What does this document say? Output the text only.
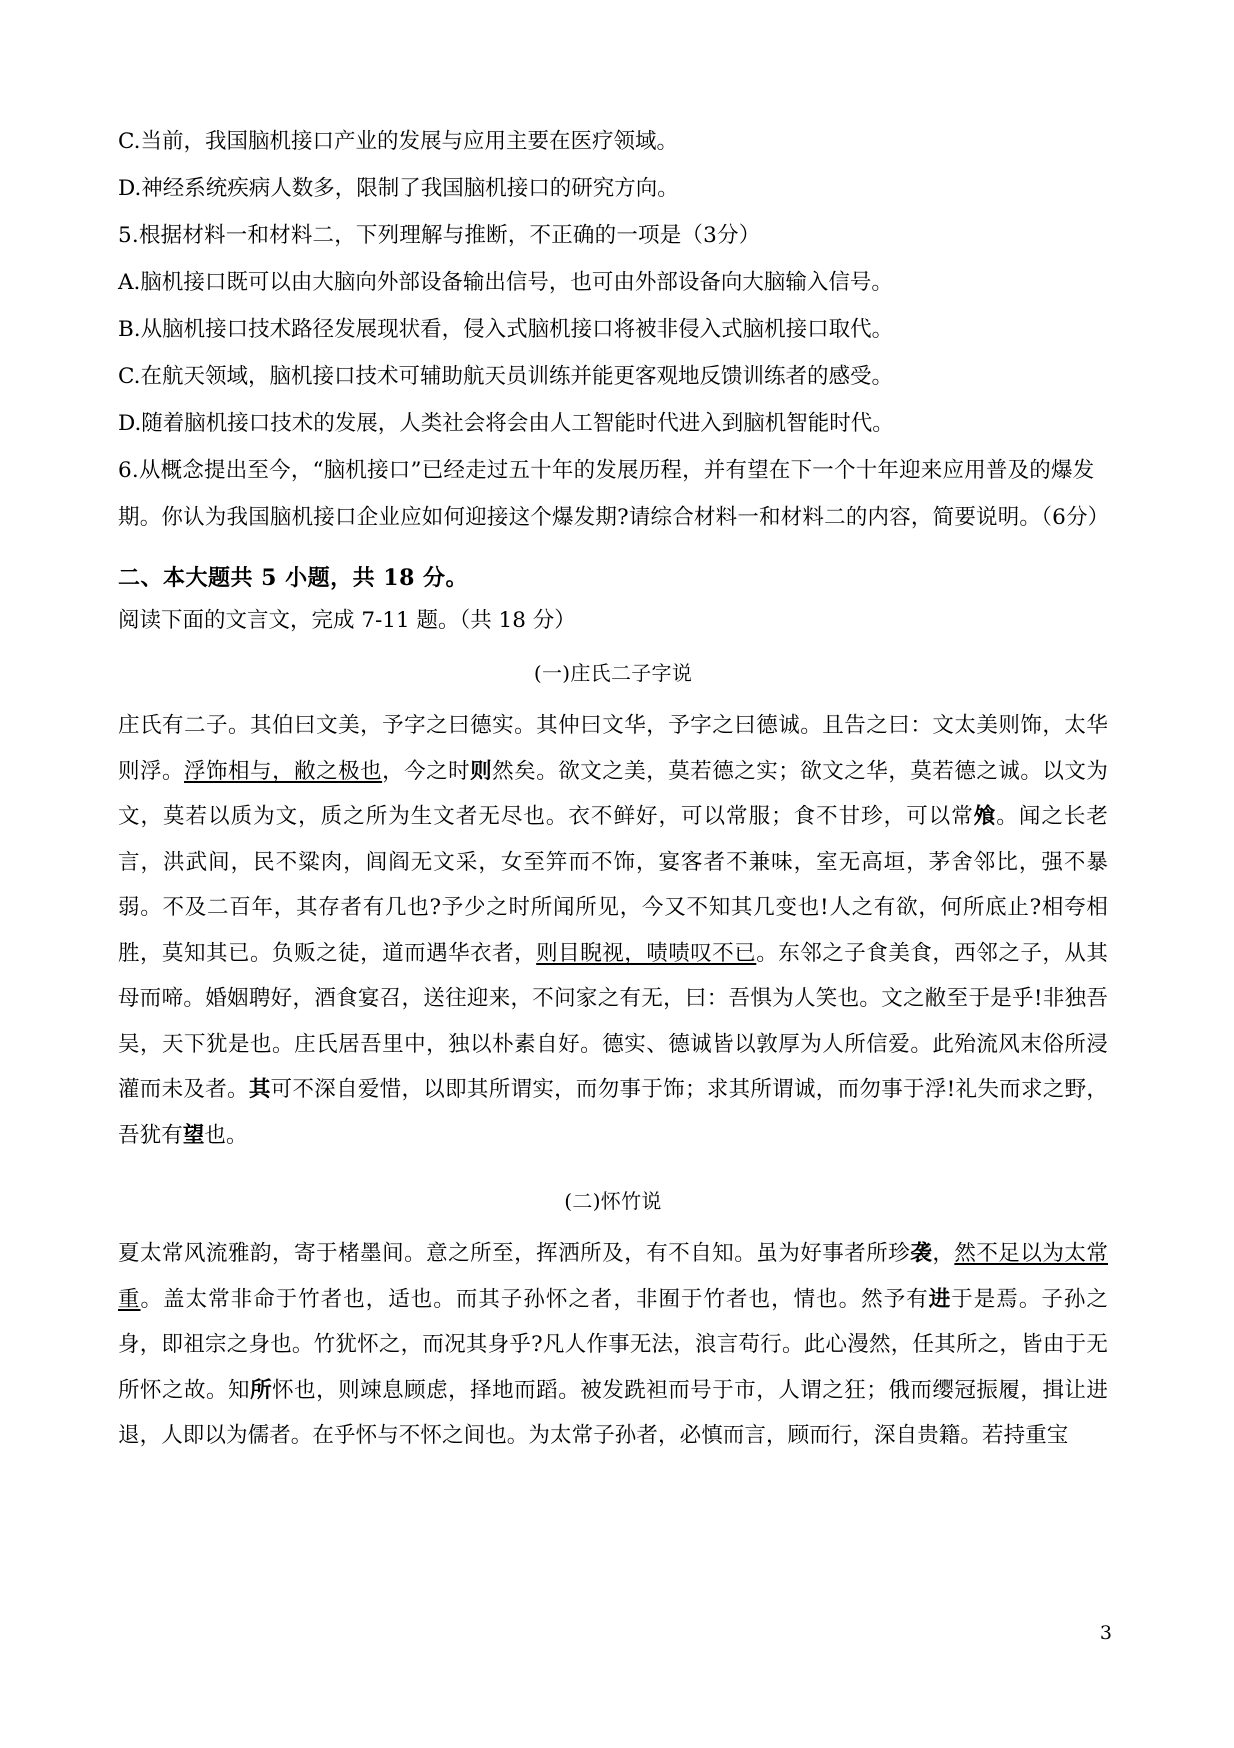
C.当前，我国脑机接口产业的发展与应用主要在医疗领域。

D.神经系统疾病人数多，限制了我国脑机接口的研究方向。

5.根据材料一和材料二，下列理解与推断，不正确的一项是（3分）

A.脑机接口既可以由大脑向外部设备输出信号，也可由外部设备向大脑输入信号。

B.从脑机接口技术路径发展现状看，侵入式脑机接口将被非侵入式脑机接口取代。

C.在航天领域，脑机接口技术可辅助航天员训练并能更客观地反馈训练者的感受。

D.随着脑机接口技术的发展，人类社会将会由人工智能时代进入到脑机智能时代。

6.从概念提出至今，“脑机接口”已经走过五十年的发展历程，并有望在下一个十年迎来应用普及的爆发期。你认为我国脑机接口企业应如何迎接这个爆发期?请综合材料一和材料二的内容，简要说明。（6分）

二、本大题共 5 小题，共 18 分。

阅读下面的文言文，完成 7-11 题。（共 18 分）

(一)庄氏二子字说

庄氏有二子。其伯曰文美，予字之曰德实。其仲曰文华，予字之曰德诚。且告之曰：文太美则饰，太华则浮。浮饰相与，敝之极也，今之时则然矣。欲文之美，莫若德之实；欲文之华，莫若德之诚。以文为文，莫若以质为文，质之所为生文者无尽也。衣不鲜好，可以常服；食不甘珍，可以常飧。闻之长老言，洪武间，民不粱肉，闾阎无文采，女至笄而不饰，宴客者不兼味，室无高垣，茅舍邻比，强不暴弱。不及二百年，其存者有几也?予少之时所闻所见，今又不知其几变也!人之有欲，何所底止?相夸相胜，莫知其已。负贩之徒，道而遇华衣者，则目睨视，啧啧叹不已。东邻之子食美食，西邻之子，从其母而啼。婚姻聘好，酒食宴召，送往迎来，不问家之有无，曰：吾惧为人笑也。文之敝至于是乎!非独吾吴，天下犹是也。庄氏居吾里中，独以朴素自好。德实、德诚皆以敦厚为人所信爱。此殆流风末俗所浸灌而未及者。其可不深自爱惜，以即其所谓实，而勿事于饰；求其所谓诚，而勿事于浮!礼失而求之野，吾犹有望也。

(二)怀竹说

夏太常风流雅韵，寄于楮墨间。意之所至，挥洒所及，有不自知。虽为好事者所珍袭，然不足以为太常重。盖太常非命于竹者也，适也。而其子孙怀之者，非囿于竹者也，情也。然予有进于是焉。子孙之身，即祖宗之身也。竹犹怀之，而况其身乎?凡人作事无法，浪言苟行。此心漫然，任其所之，皆由于无所怀之故。知所怀也，则竦息顾虑，择地而蹈。被发跣袒而号于市，人谓之狂；俄而缨冠振履，揖让进退，人即以为儒者。在乎怀与不怀之间也。为太常子孙者，必慎而言，顾而行，深自贵籍。若持重宝

3
